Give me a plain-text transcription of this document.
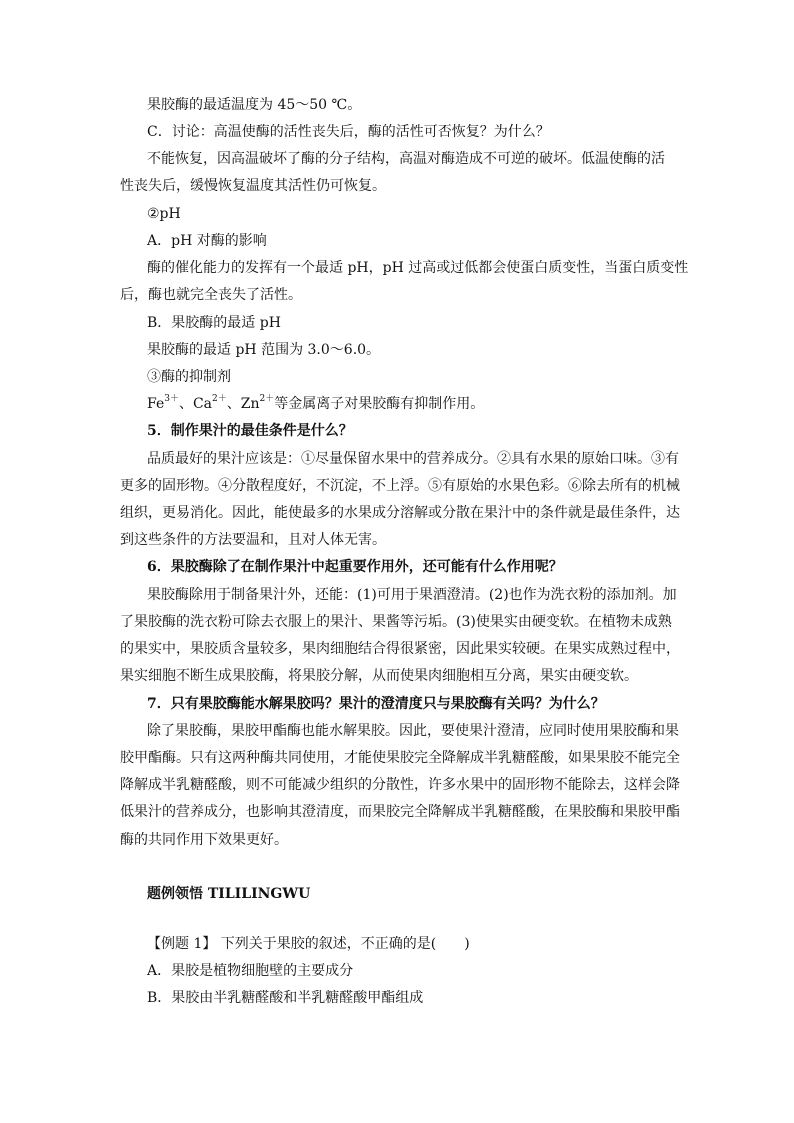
果胶酶的最适温度为 45～50 ℃。
C．讨论：高温使酶的活性丧失后，酶的活性可否恢复？为什么？
不能恢复，因高温破坏了酶的分子结构，高温对酶造成不可逆的破坏。低温使酶的活
性丧失后，缓慢恢复温度其活性仍可恢复。
②pH
A．pH 对酶的影响
酶的催化能力的发挥有一个最适 pH，pH 过高或过低都会使蛋白质变性，当蛋白质变性
后，酶也就完全丧失了活性。
B．果胶酶的最适 pH
果胶酶的最适 pH 范围为 3.0～6.0。
③酶的抑制剂
$Fe^{3+}$、$Ca^{2+}$、$Zn^{2+}$等金属离子对果胶酶有抑制作用。
5．制作果汁的最佳条件是什么？
品质最好的果汁应该是：①尽量保留水果中的营养成分。②具有水果的原始口味。③有
更多的固形物。④分散程度好，不沉淀，不上浮。⑤有原始的水果色彩。⑥除去所有的机械
组织，更易消化。因此，能使最多的水果成分溶解或分散在果汁中的条件就是最佳条件，达
到这些条件的方法要温和，且对人体无害。
6．果胶酶除了在制作果汁中起重要作用外，还可能有什么作用呢？
果胶酶除用于制备果汁外，还能：(1)可用于果酒澄清。(2)也作为洗衣粉的添加剂。加
了果胶酶的洗衣粉可除去衣服上的果汁、果酱等污垢。(3)使果实由硬变软。在植物未成熟
的果实中，果胶质含量较多，果肉细胞结合得很紧密，因此果实较硬。在果实成熟过程中，
果实细胞不断生成果胶酶，将果胶分解，从而使果肉细胞相互分离，果实由硬变软。
7．只有果胶酶能水解果胶吗？果汁的澄清度只与果胶酶有关吗？为什么？
除了果胶酶，果胶甲酯酶也能水解果胶。因此，要使果汁澄清，应同时使用果胶酶和果
胶甲酯酶。只有这两种酶共同使用，才能使果胶完全降解成半乳糖醛酸，如果果胶不能完全
降解成半乳糖醛酸，则不可能减少组织的分散性，许多水果中的固形物不能除去，这样会降
低果汁的营养成分，也影响其澄清度，而果胶完全降解成半乳糖醛酸，在果胶酶和果胶甲酯
酶的共同作用下效果更好。
题例领悟 TILILINGWU
【例题 1】 下列关于果胶的叙述，不正确的是(　　)
A．果胶是植物细胞壁的主要成分
B．果胶由半乳糖醛酸和半乳糖醛酸甲酯组成
